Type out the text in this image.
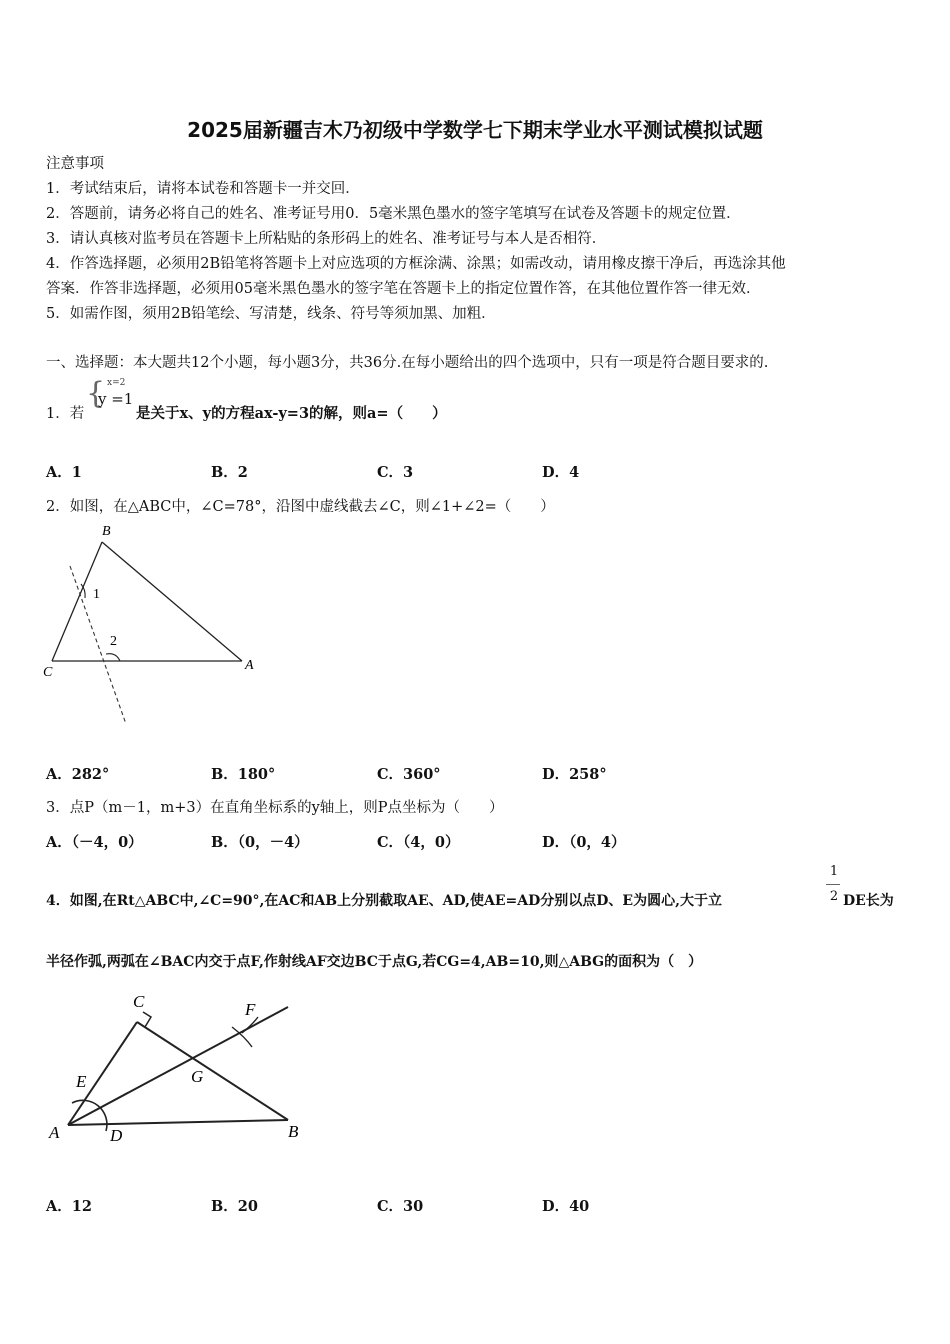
2025届新疆吉木乃初级中学数学七下期末学业水平测试模拟试题
注意事项
1．考试结束后，请将本试卷和答题卡一并交回．
2．答题前，请务必将自己的姓名、准考证号用0．5毫米黑色墨水的签字笔填写在试卷及答题卡的规定位置．
3．请认真核对监考员在答题卡上所粘贴的条形码上的姓名、准考证号与本人是否相符．
4．作答选择题，必须用2B铅笔将答题卡上对应选项的方框涂满、涂黑；如需改动，请用橡皮擦干净后，再选涂其他
答案．作答非选择题，必须用05毫米黑色墨水的签字笔在答题卡上的指定位置作答，在其他位置作答一律无效．
5．如需作图，须用2B铅笔绘、写清楚，线条、符号等须加黑、加粗．
一、选择题：本大题共12个小题，每小题3分，共36分.在每小题给出的四个选项中，只有一项是符合题目要求的.
1．若
{ x=2
y =1
是关于x、y的方程ax-y=3的解，则a=（　　）
A．1	B．2	C．3	D．4
2．如图，在△ABC中，∠C=78°，沿图中虚线截去∠C，则∠1+∠2=（　　）
B
1
2
C	A
A．282°	B．180°	C．360°	D．258°
3．点P（m－1，m+3）在直角坐标系的y轴上，则P点坐标为（　　）
A．（－4，0）	B．（0，－4）	C．（4，0）	D．（0，4）
4．如图,在Rt△ABC中,∠C=90°,在AC和AB上分别截取AE、AD,使AE=AD分别以点D、E为圆心,大于立
1
2 DE长为
半径作弧,两弧在∠BAC内交于点F,作射线AF交边BC于点G,若CG=4,AB=10,则△ABG的面积为（　）
C	F
G
E
A	D	B
A．12	B．20	C．30	D．40
